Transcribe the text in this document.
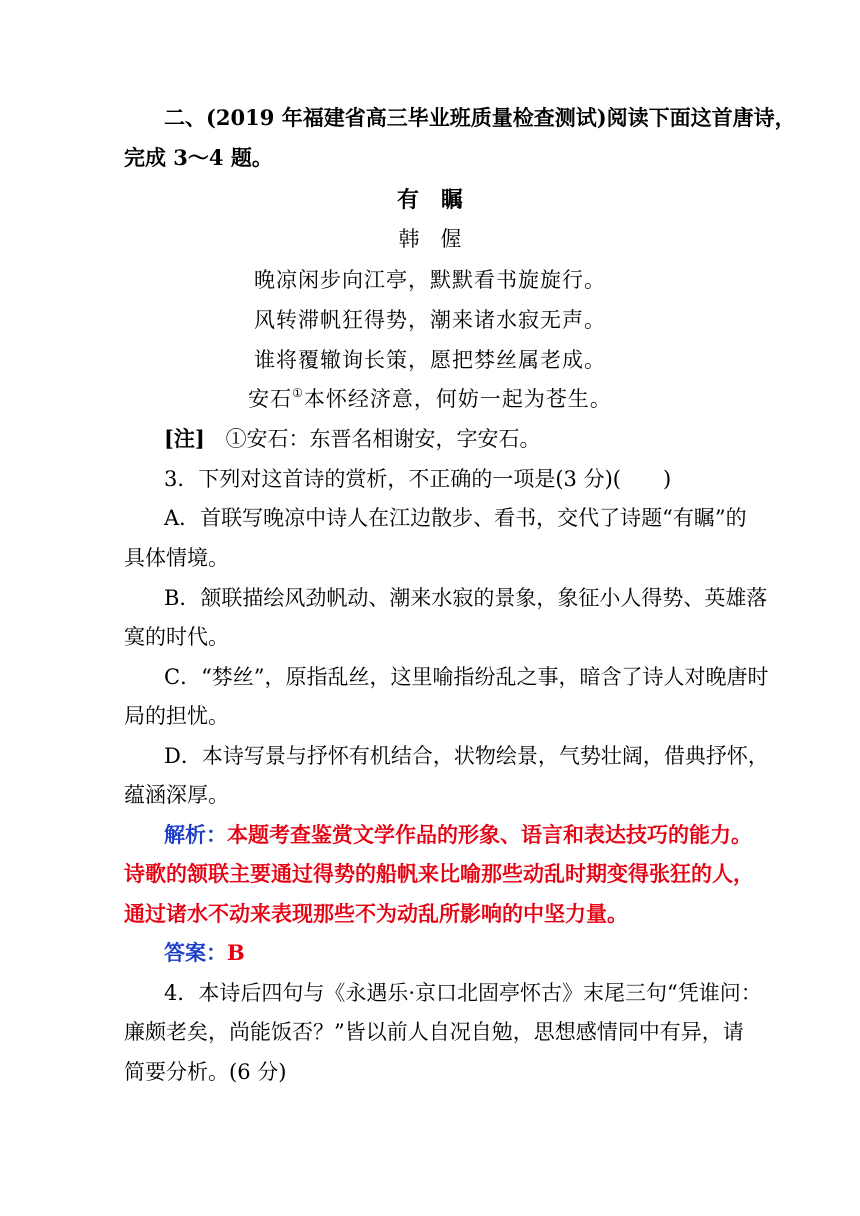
二、(2019 年福建省高三毕业班质量检查测试)阅读下面这首唐诗，
完成 3～4 题。
有　瞩
韩　偓
晚凉闲步向江亭，默默看书旋旋行。
风转滞帆狂得势，潮来诸水寂无声。
谁将覆辙询长策，愿把棼丝属老成。
安石①本怀经济意，何妨一起为苍生。
[注] ①安石：东晋名相谢安，字安石。
3．下列对这首诗的赏析，不正确的一项是(3 分)(　　)
A．首联写晚凉中诗人在江边散步、看书，交代了诗题“有瞩”的
具体情境。
B．颔联描绘风劲帆动、潮来水寂的景象，象征小人得势、英雄落
寞的时代。
C．“棼丝”，原指乱丝，这里喻指纷乱之事，暗含了诗人对晚唐时
局的担忧。
D．本诗写景与抒怀有机结合，状物绘景，气势壮阔，借典抒怀，
蕴涵深厚。
解析：本题考查鉴赏文学作品的形象、语言和表达技巧的能力。
诗歌的颔联主要通过得势的船帆来比喻那些动乱时期变得张狂的人，
通过诸水不动来表现那些不为动乱所影响的中坚力量。
答案：B
4．本诗后四句与《永遇乐·京口北固亭怀古》末尾三句“凭谁问：
廉颇老矣，尚能饭否？”皆以前人自况自勉，思想感情同中有异，请
简要分析。(6 分)
